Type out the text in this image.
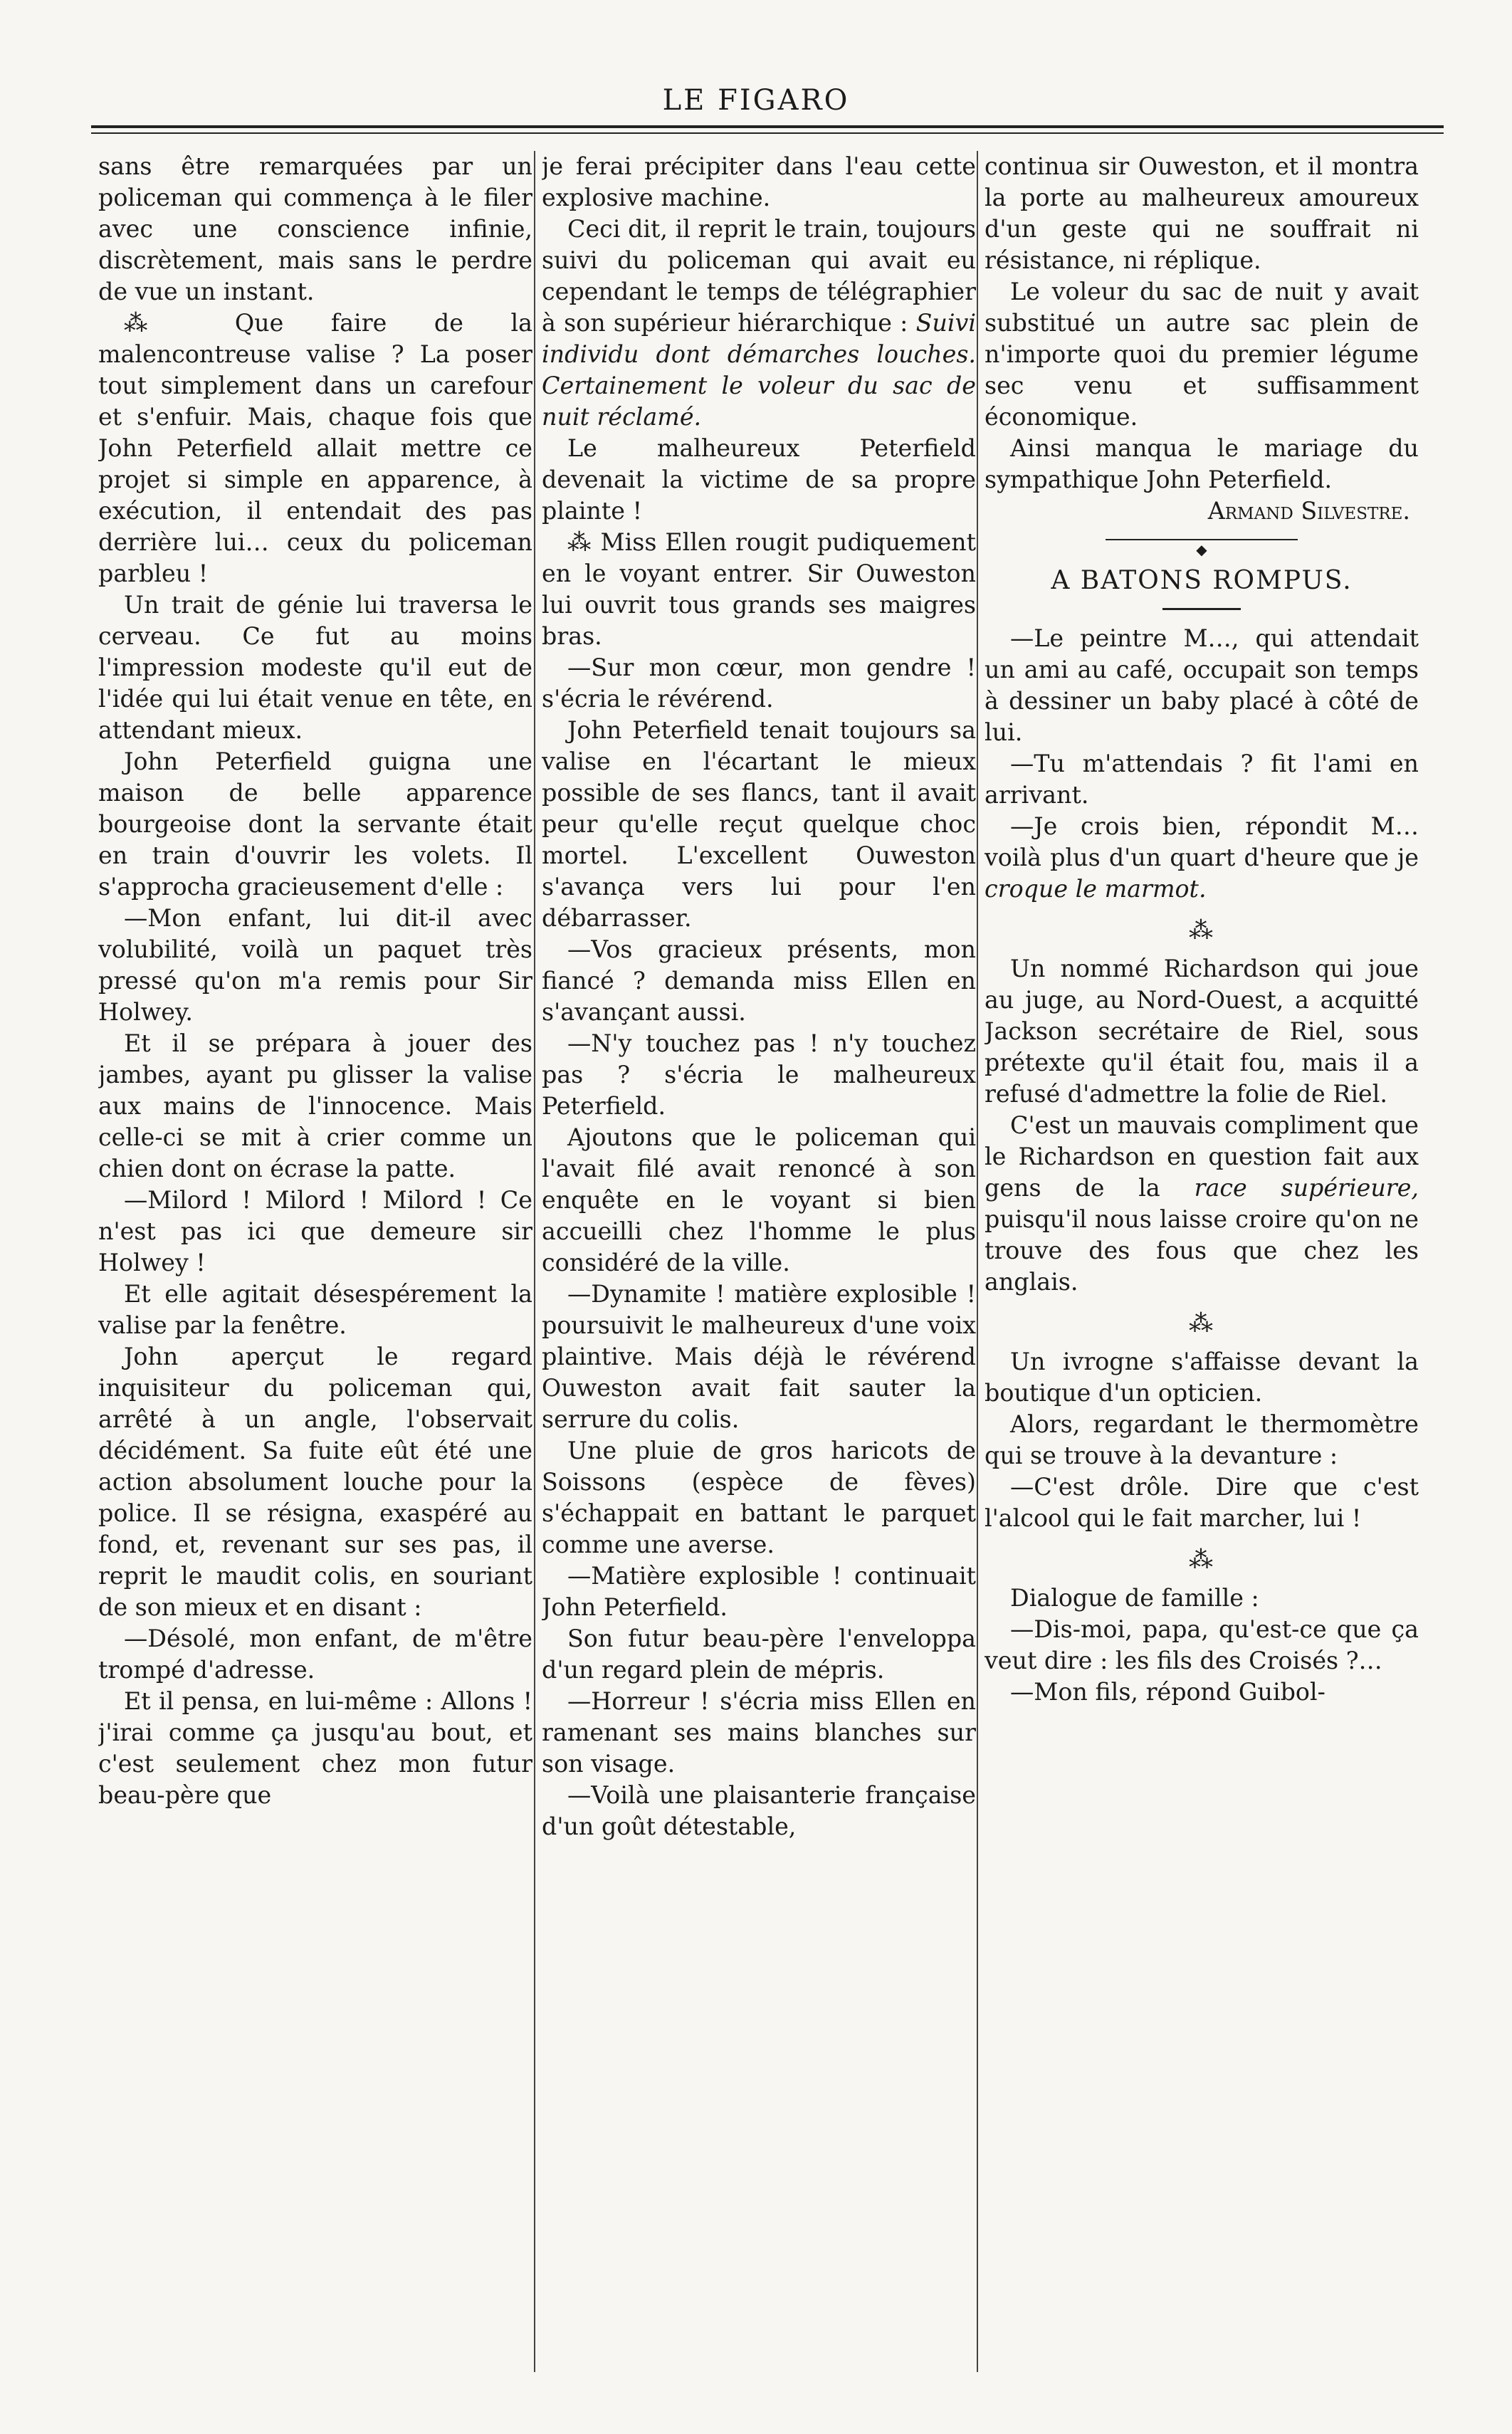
LE FIGARO

sans être remarquées par un policeman qui commença à le filer avec une conscience infinie, discrètement, mais sans le perdre de vue un instant.

⁂ Que faire de la malencontreuse valise ? La poser tout simplement dans un carefour et s'enfuir. Mais, chaque fois que John Peterfield allait mettre ce projet si simple en apparence, à exécution, il entendait des pas derrière lui… ceux du policeman parbleu !

Un trait de génie lui traversa le cerveau. Ce fut au moins l'impression modeste qu'il eut de l'idée qui lui était venue en tête, en attendant mieux.

John Peterfield guigna une maison de belle apparence bourgeoise dont la servante était en train d'ouvrir les volets. Il s'approcha gracieusement d'elle :

—Mon enfant, lui dit-il avec volubilité, voilà un paquet très pressé qu'on m'a remis pour Sir Holwey.

Et il se prépara à jouer des jambes, ayant pu glisser la valise aux mains de l'innocence. Mais celle-ci se mit à crier comme un chien dont on écrase la patte.

—Milord ! Milord ! Milord ! Ce n'est pas ici que demeure sir Holwey !

Et elle agitait désespérement la valise par la fenêtre.

John aperçut le regard inquisiteur du policeman qui, arrêté à un angle, l'observait décidément. Sa fuite eût été une action absolument louche pour la police. Il se résigna, exaspéré au fond, et, revenant sur ses pas, il reprit le maudit colis, en souriant de son mieux et en disant :

—Désolé, mon enfant, de m'être trompé d'adresse.

Et il pensa, en lui-même : Allons ! j'irai comme ça jusqu'au bout, et c'est seulement chez mon futur beau-père que

je ferai précipiter dans l'eau cette explosive machine.

Ceci dit, il reprit le train, toujours suivi du policeman qui avait eu cependant le temps de télégraphier à son supérieur hiérarchique : Suivi individu dont démarches louches. Certainement le voleur du sac de nuit réclamé.

Le malheureux Peterfield devenait la victime de sa propre plainte !

⁂ Miss Ellen rougit pudiquement en le voyant entrer. Sir Ouweston lui ouvrit tous grands ses maigres bras.

—Sur mon cœur, mon gendre ! s'écria le révérend.

John Peterfield tenait toujours sa valise en l'écartant le mieux possible de ses flancs, tant il avait peur qu'elle reçut quelque choc mortel. L'excellent Ouweston s'avança vers lui pour l'en débarrasser.

—Vos gracieux présents, mon fiancé ? demanda miss Ellen en s'avançant aussi.

—N'y touchez pas ! n'y touchez pas ? s'écria le malheureux Peterfield.

Ajoutons que le policeman qui l'avait filé avait renoncé à son enquête en le voyant si bien accueilli chez l'homme le plus considéré de la ville.

—Dynamite ! matière explosible ! poursuivit le malheureux d'une voix plaintive. Mais déjà le révérend Ouweston avait fait sauter la serrure du colis.

Une pluie de gros haricots de Soissons (espèce de fèves) s'échappait en battant le parquet comme une averse.

—Matière explosible ! continuait John Peterfield.

Son futur beau-père l'enveloppa d'un regard plein de mépris.

—Horreur ! s'écria miss Ellen en ramenant ses mains blanches sur son visage.

—Voilà une plaisanterie française d'un goût détestable,

continua sir Ouweston, et il montra la porte au malheureux amoureux d'un geste qui ne souffrait ni résistance, ni réplique.

Le voleur du sac de nuit y avait substitué un autre sac plein de n'importe quoi du premier légume sec venu et suffisamment économique.

Ainsi manqua le mariage du sympathique John Peterfield.

Armand Silvestre.

◆
A BATONS ROMPUS.

—Le peintre M…, qui attendait un ami au café, occupait son temps à dessiner un baby placé à côté de lui.

—Tu m'attendais ? fit l'ami en arrivant.

—Je crois bien, répondit M… voilà plus d'un quart d'heure que je croque le marmot.

⁂

Un nommé Richardson qui joue au juge, au Nord-Ouest, a acquitté Jackson secrétaire de Riel, sous prétexte qu'il était fou, mais il a refusé d'admettre la folie de Riel.

C'est un mauvais compliment que le Richardson en question fait aux gens de la race supérieure, puisqu'il nous laisse croire qu'on ne trouve des fous que chez les anglais.

⁂

Un ivrogne s'affaisse devant la boutique d'un opticien.

Alors, regardant le thermomètre qui se trouve à la devanture :

—C'est drôle. Dire que c'est l'alcool qui le fait marcher, lui !

⁂

Dialogue de famille :

—Dis-moi, papa, qu'est-ce que ça veut dire : les fils des Croisés ?…

—Mon fils, répond Guibol-
